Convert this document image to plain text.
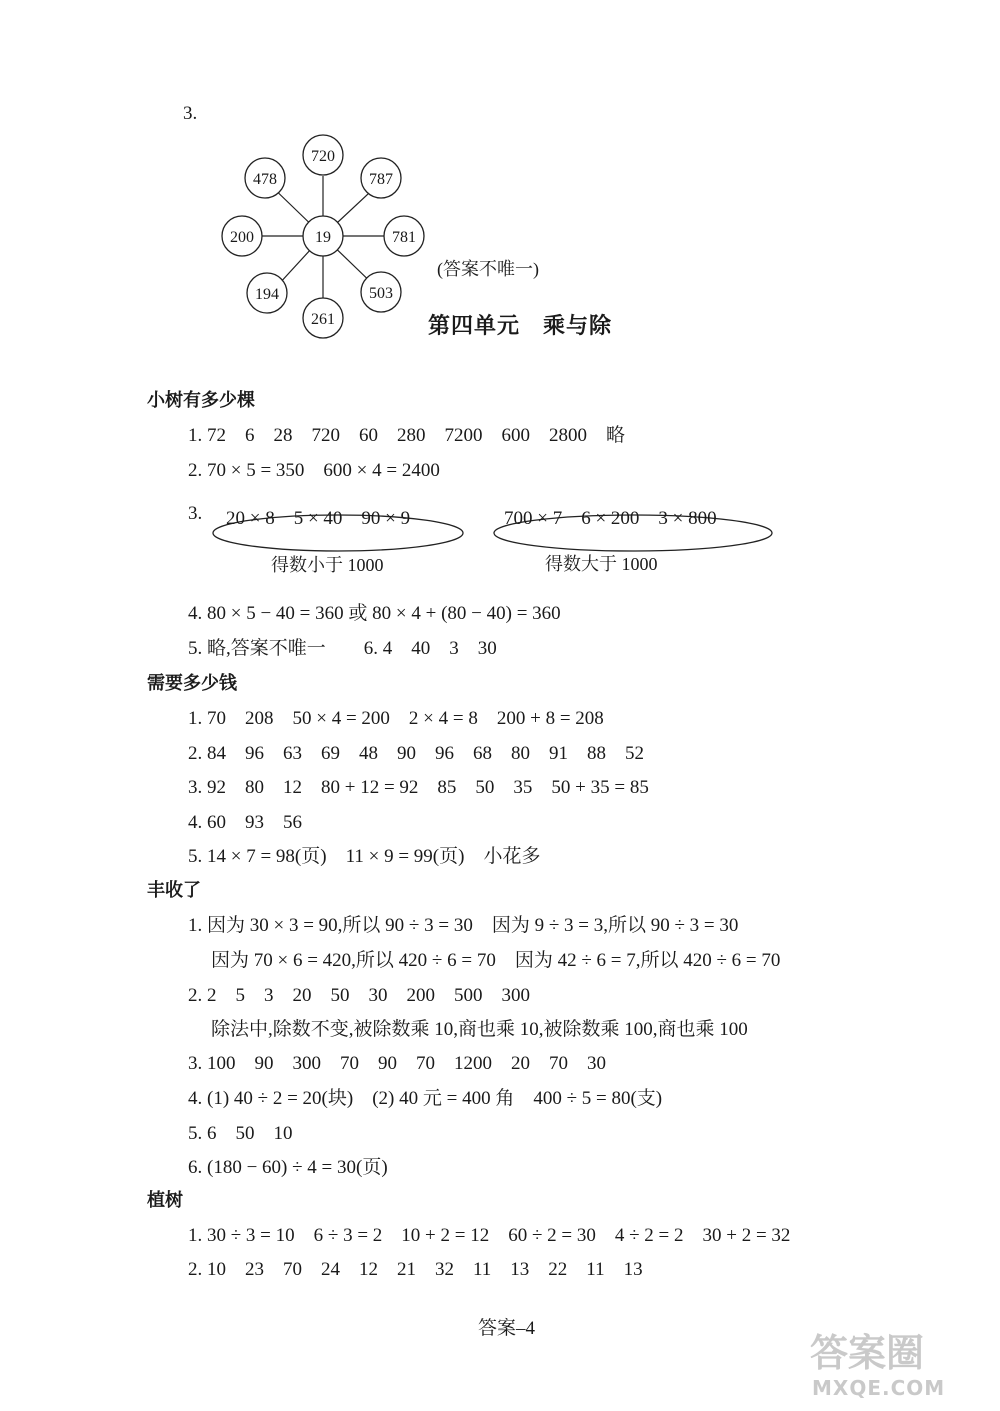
3.

19
720
787
781
503
261
194
200
478

(答案不唯一)
第四单元　乘与除
小树有多少棵
1. 72　6　28　720　60　280　7200　600　2800　略
2. 70 × 5 = 350　600 × 4 = 2400
3.

20 × 8　5 × 40　90 × 9

	700 × 7　6 × 200　3 × 800
得数小于 1000	得数大于 1000
4. 80 × 5 − 40 = 360 或 80 × 4 + (80 − 40) = 360
5. 略,答案不唯一　　6. 4　40　3　30
需要多少钱
1. 70　208　50 × 4 = 200　2 × 4 = 8　200 + 8 = 208
2. 84　96　63　69　48　90　96　68　80　91　88　52
3. 92　80　12　80 + 12 = 92　85　50　35　50 + 35 = 85
4. 60　93　56
5. 14 × 7 = 98(页)　11 × 9 = 99(页)　小花多
丰收了
1. 因为 30 × 3 = 90,所以 90 ÷ 3 = 30　因为 9 ÷ 3 = 3,所以 90 ÷ 3 = 30
因为 70 × 6 = 420,所以 420 ÷ 6 = 70　因为 42 ÷ 6 = 7,所以 420 ÷ 6 = 70
2. 2　5　3　20　50　30　200　500　300
除法中,除数不变,被除数乘 10,商也乘 10,被除数乘 100,商也乘 100
3. 100　90　300　70　90　70　1200　20　70　30
4. (1) 40 ÷ 2 = 20(块)　(2) 40 元 = 400 角　400 ÷ 5 = 80(支)
5. 6　50　10
6. (180 − 60) ÷ 4 = 30(页)
植树
1. 30 ÷ 3 = 10　6 ÷ 3 = 2　10 + 2 = 12　60 ÷ 2 = 30　4 ÷ 2 = 2　30 + 2 = 32
2. 10　23　70　24　12　21　32　11　13　22　11　13
答案–4
答案圈
MXQE.COM
